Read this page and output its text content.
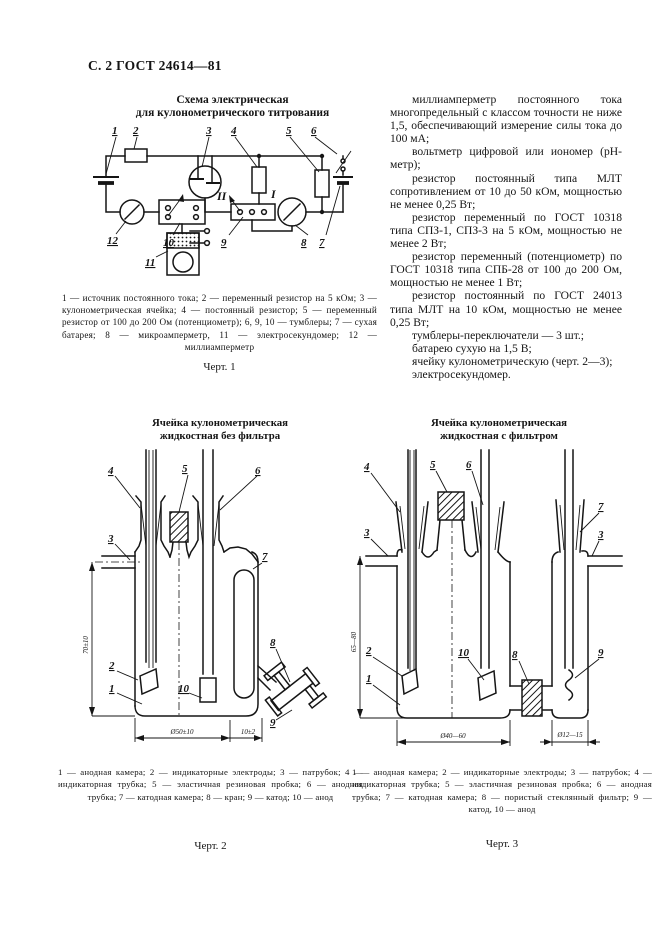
С. 2 ГОСТ 24614—81
Схема электрическая
для кулонометрического титрования
1 2	3 4	5 6
II	I
12	10
11
9	8 7
1 — источник постоянного тока; 2 — переменный резистор на 5 кОм; 3 — кулонометрическая ячейка; 4 — постоянный резистор; 5 — переменный резистор от 100 до 200 Ом (потенциометр); 6, 9, 10 — тумблеры; 7 — сухая батарея; 8 — микроамперметр, 11 — электросекундомер; 12 — миллиамперметр
Черт. 1

миллиамперметр постоянного тока многопредельный с классом точности не ниже 1,5, обеспечивающий измерение силы тока до 100 мА;

вольтметр цифровой или иономер (рН-метр);

резистор постоянный типа МЛТ сопротивлением от 10 до 50 кОм, мощностью не менее 0,25 Вт;

резистор переменный по ГОСТ 10318 типа СПЗ-1, СПЗ-3 на 5 кОм, мощностью не менее 2 Вт;

резистор переменный (потенциометр) по ГОСТ 10318 типа СПБ-28 от 100 до 200 Ом, мощностью не менее 1 Вт;

резистор постоянный по ГОСТ 24013 типа МЛТ на 10 кОм, мощностью не менее 0,25 Вт;

тумблеры-переключатели — 3 шт.;

батарею сухую на 1,5 В;

ячейку кулонометрическую (черт. 2—3);

электросекундомер.

Ячейка кулонометрическая
жидкостная без фильтра
Ячейка кулонометрическая
жидкостная с фильтром
70±10
Ø50±10	10±2
4	5	6
3
7
2
1	10
8
9
65—80
Ø40—60	Ø12—15
4	5	6
3
7
3
2
1
10	8	9
1 — анодная камера; 2 — индикаторные электроды; 3 — патрубок; 4 — индикаторная трубка; 5 — эластичная резиновая пробка; 6 — анодная трубка; 7 — катодная камера; 8 — кран; 9 — катод; 10 — анод
1 — анодная камера; 2 — индикаторные электроды; 3 — патрубок; 4 — индикаторная трубка; 5 — эластичная резиновая пробка; 6 — анодная трубка; 7 — катодная камера; 8 — пористый стеклянный фильтр; 9 — катод, 10 — анод
Черт. 2	Черт. 3
